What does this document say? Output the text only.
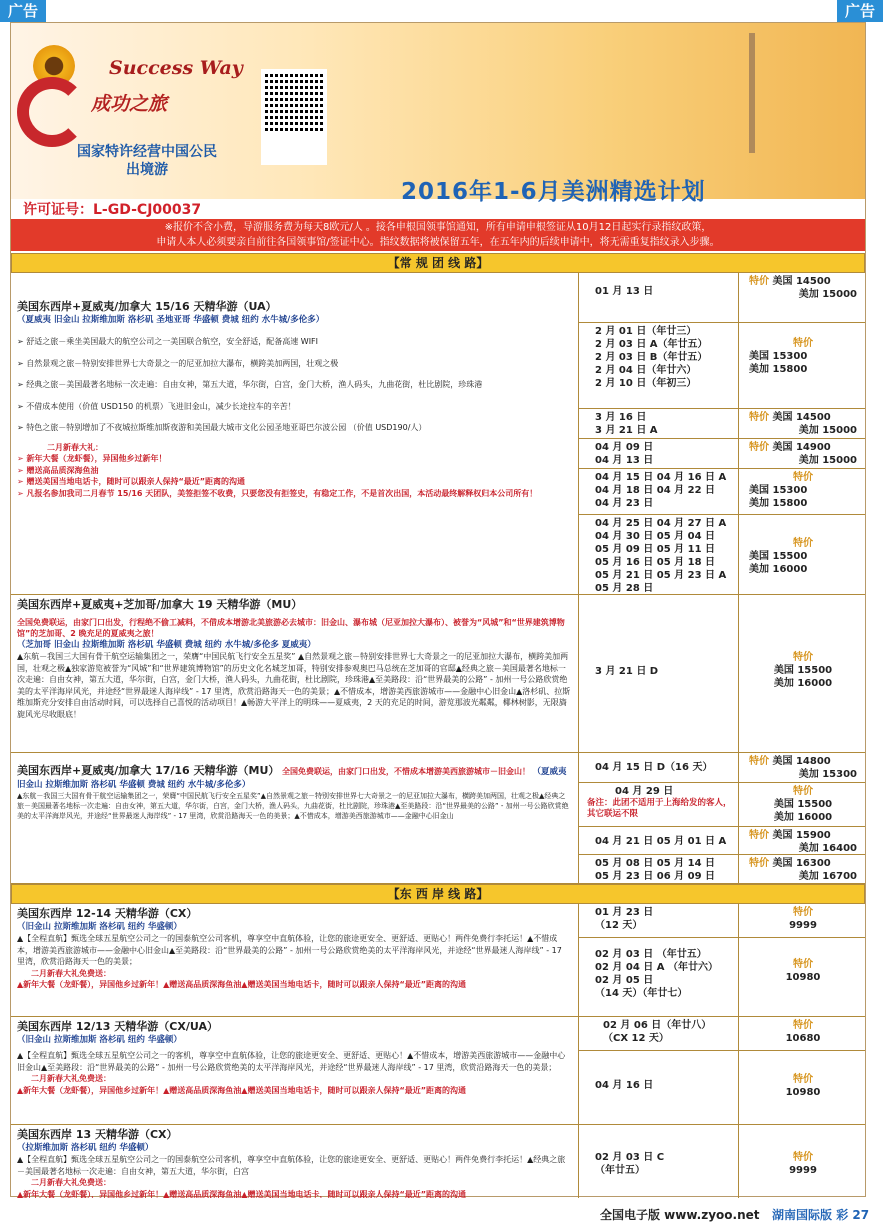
广告	广告
Success Way
成功之旅
国家特许经营中国公民
出境游
2016年1-6月美洲精选计划
许可证号：L-GD-CJ00037
※报价不含小费，导游服务费为每天8欧元/人 。接各申根国领事馆通知，所有申请申根签证从10月12日起实行录指纹政策，
申请人本人必须要亲自前往各国领事馆/签证中心。指纹数据将被保留五年，在五年内的后续申请中，将无需重复指纹录入步骤。
【常 规 团 线 路】
美国东西岸+夏威夷/加拿大 15/16 天精华游（UA）
（夏威夷 旧金山 拉斯维加斯 洛杉矶 圣地亚哥 华盛顿 费城 纽约 水牛城/多伦多）
➢ 舒适之旅－乘坐美国最大的航空公司之一美国联合航空，安全舒适，配备高速 WIFI
➢ 自然景观之旅－特别安排世界七大奇景之一的尼亚加拉大瀑布，横跨美加两国，壮观之极
➢ 经典之旅－美国最著名地标一次走遍：自由女神，第五大道，华尔街，白宫，金门大桥，渔人码头，九曲花街，杜比剧院，珍珠港
➢ 不借成本使用（价值 USD150 的机票）飞进旧金山，减少长途拉车的辛苦！
➢ 特色之旅－特别增加了不夜城拉斯维加斯夜游和美国最大城市文化公园圣地亚哥巴尔波公园 （价值 USD190/人）
二月新春大礼：
➢ 新年大餐（龙虾餐），异国他乡过新年！
➢ 赠送高品质深海鱼油
➢ 赠送美国当地电话卡，随时可以跟亲人保持“最近”距离的沟通
➢ 凡报名参加我司二月春节 15/16 天团队，美签拒签不收费，只要您没有拒签史，有稳定工作，不是首次出国，本活动最终解释权归本公司所有！
01 月 13 日
2 月 01 日（年廿三）
2 月 03 日 A（年廿五）
2 月 03 日 B（年廿五）
2 月 04 日（年廿六）
2 月 10 日（年初三）
3 月 16 日
3 月 21 日 A
04 月 09 日
04 月 13 日
04 月 15 日 04 月 16 日 A
04 月 18 日 04 月 22 日
04 月 23 日
04 月 25 日 04 月 27 日 A
04 月 30 日 05 月 04 日
05 月 09 日 05 月 11 日
05 月 16 日 05 月 18 日
05 月 21 日 05 月 23 日 A
05 月 28 日
特价 美国 14500
美加 15000
特价
美国 15300
美加 15800
特价 美国 14500
美加 15000
特价 美国 14900
美加 15000
特价
美国 15300
美加 15800
特价
美国 15500
美加 16000
美国东西岸+夏威夷+芝加哥/加拿大 19 天精华游（MU）
全国免费联运，由家门口出发，行程绝不偷工减料，不借成本增游北美旅游必去城市：旧金山、瀑布城（尼亚加拉大瀑布）、被誉为“风城”和“世界建筑博物馆”的芝加哥、2 晚充足的夏威夷之旅！
（芝加哥 旧金山 拉斯维加斯 洛杉矶 华盛顿 费城 纽约 水牛城/多伦多 夏威夷）
▲东航－我国三大国有骨干航空运输集团之一，荣膺“中国民航飞行安全五星奖” ▲自然景观之旅－特别安排世界七大奇景之一的尼亚加拉大瀑布，横跨美加两国，壮观之极▲独家游览被誉为“风城”和“世界建筑博物馆”的历史文化名城芝加哥，特别安排参观奥巴马总统在芝加哥的官邸▲经典之旅－美国最著名地标一次走遍：自由女神，第五大道，华尔街，白宫，金门大桥，渔人码头，九曲花街，杜比剧院，珍珠港▲至美路段：沿“世界最美的公路” - 加州一号公路欣赏绝美的太平洋海岸风光，并途经“世界最迷人海岸线” - 17 里湾，欣赏沿路海天一色的美景；▲不惜成本，增游美西旅游城市——金融中心旧金山▲洛杉矶、拉斯维加斯充分安排自由活动时间，可以选择自己喜悦的活动项目！▲畅游大平洋上的明珠——夏威夷，2 天的充足的时间，游览那波光粼粼，椰林树影，无限旖旎风光尽收眼底！
3 月 21 日 D
特价
美国 15500
美加 16000
美国东西岸+夏威夷/加拿大 17/16 天精华游（MU） 全国免费联运，由家门口出发，不惜成本增游美西旅游城市－旧金山！ （夏威夷 旧金山 拉斯维加斯 洛杉矶 华盛顿 费城 纽约 水牛城/多伦多）
▲东航－我国三大国有骨干航空运输集团之一，荣膺“中国民航飞行安全五星奖”▲自然景观之旅－特别安排世界七大奇景之一的尼亚加拉大瀑布，横跨美加两国，壮观之极▲经典之旅－美国最著名地标一次走遍：自由女神，第五大道，华尔街，白宫，金门大桥，渔人码头，九曲花街，杜比剧院，珍珠港▲至美路段：沿“世界最美的公路” - 加州一号公路欣赏绝美的太平洋海岸风光，并途经“世界最迷人海岸线” - 17 里湾，欣赏沿路海天一色的美景；▲不惜成本，增游美西旅游城市——金融中心旧金山
04 月 15 日 D（16 天）
04 月 29 日
备注：此团不适用于上海给发的客人，其它联运不限
04 月 21 日 05 月 01 日 A
05 月 08 日 05 月 14 日
05 月 23 日 06 月 09 日
特价 美国 14800
美加 15300
特价
美国 15500
美加 16000
特价 美国 15900
美加 16400
特价 美国 16300
美加 16700
【东 西 岸 线 路】
美国东西岸 12-14 天精华游（CX）
（旧金山 拉斯维加斯 洛杉矶 纽约 华盛顿）
▲【全程直航】甄选全球五星航空公司之一的国泰航空公司客机，尊享空中直航体验，让您的旅途更安全、更舒适、更贴心！两件免费行李托运！▲不惜成本，增游美西旅游城市——金融中心旧金山▲至美路段：沿“世界最美的公路” - 加州一号公路欣赏绝美的太平洋海岸风光，并途经“世界最迷人海岸线” - 17 里湾，欣赏沿路海天一色的美景；
二月新春大礼免费送：
▲新年大餐（龙虾餐），异国他乡过新年！▲赠送高品质深海鱼油▲赠送美国当地电话卡，随时可以跟亲人保持“最近”距离的沟通
01 月 23 日
（12 天）
02 月 03 日 （年廿五）
02 月 04 日 A （年廿六）
02 月 05 日
（14 天）（年廿七）
特价
9999
特价
10980
美国东西岸 12/13 天精华游（CX/UA）
（旧金山 拉斯维加斯 洛杉矶 纽约 华盛顿）
▲【全程直航】甄选全球五星航空公司之一的客机，尊享空中直航体验，让您的旅途更安全、更舒适、更贴心！▲不惜成本，增游美西旅游城市——金融中心旧金山▲至美路段：沿“世界最美的公路” - 加州一号公路欣赏绝美的太平洋海岸风光，并途经“世界最迷人海岸线” - 17 里湾，欣赏沿路海天一色的美景；
二月新春大礼免费送：
▲新年大餐（龙虾餐），异国他乡过新年！▲赠送高品质深海鱼油▲赠送美国当地电话卡，随时可以跟亲人保持“最近”距离的沟通
02 月 06 日（年廿八）
（CX 12 天）
04 月 16 日
特价
10680
特价
10980
美国东西岸 13 天精华游（CX）
（拉斯维加斯 洛杉矶 纽约 华盛顿）
▲【全程直航】甄选全球五星航空公司之一的国泰航空公司客机，尊享空中直航体验，让您的旅途更安全、更舒适、更贴心！两件免费行李托运！▲经典之旅－美国最著名地标一次走遍：自由女神，第五大道，华尔街，白宫
二月新春大礼免费送：
▲新年大餐（龙虾餐），异国他乡过新年！▲赠送高品质深海鱼油▲赠送美国当地电话卡，随时可以跟亲人保持“最近”距离的沟通
02 月 03 日 C
（年廿五）
特价
9999
全国电子版 www.zyoo.net 湖南国际版 彩 27
